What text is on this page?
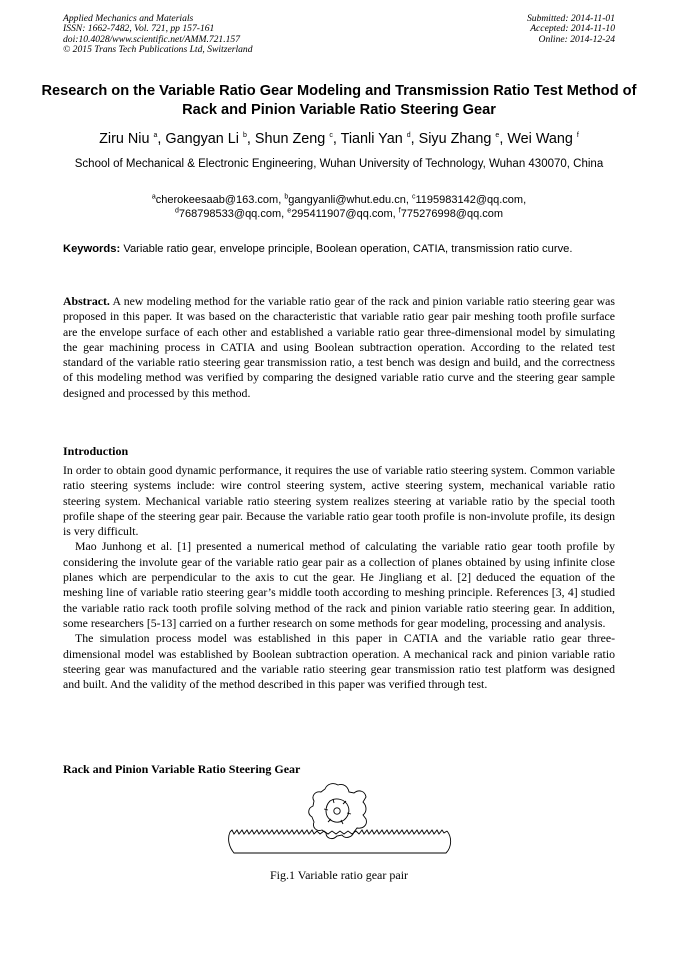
Applied Mechanics and Materials
ISSN: 1662-7482, Vol. 721, pp 157-161
doi:10.4028/www.scientific.net/AMM.721.157
© 2015 Trans Tech Publications Ltd, Switzerland
Submitted: 2014-11-01
Accepted: 2014-11-10
Online: 2014-12-24
Research on the Variable Ratio Gear Modeling and Transmission Ratio Test Method of Rack and Pinion Variable Ratio Steering Gear
Ziru Niu $^a$, Gangyan Li $^b$, Shun Zeng $^c$, Tianli Yan $^d$, Siyu Zhang $^e$, Wei Wang $^f$
School of Mechanical & Electronic Engineering, Wuhan University of Technology, Wuhan 430070, China
$^a$cherokeesaab@163.com, $^b$gangyanli@whut.edu.cn, $^c$1195983142@qq.com,
$^d$768798533@qq.com, $^e$295411907@qq.com, $^f$775276998@qq.com
Keywords: Variable ratio gear, envelope principle, Boolean operation, CATIA, transmission ratio curve.
Abstract. A new modeling method for the variable ratio gear of the rack and pinion variable ratio steering gear was proposed in this paper. It was based on the characteristic that variable ratio gear pair meshing tooth profile surface are the envelope surface of each other and established a variable ratio gear three-dimensional model by simulating the gear machining process in CATIA and using Boolean subtraction operation. According to the related test standard of the variable ratio steering gear transmission ratio, a test bench was design and build, and the correctness of this modeling method was verified by comparing the designed variable ratio curve and the steering gear sample designed and processed by this method.
Introduction

In order to obtain good dynamic performance, it requires the use of variable ratio steering system. Common variable ratio steering systems include: wire control steering system, active steering system, mechanical variable ratio steering system. Mechanical variable ratio steering system realizes steering at variable ratio by the special tooth profile shape of the steering gear pair. Because the variable ratio gear tooth profile is non-involute profile, its design is very difficult.

Mao Junhong et al. [1] presented a numerical method of calculating the variable ratio gear tooth profile by considering the involute gear of the variable ratio gear pair as a collection of planes obtained by using infinite close planes which are perpendicular to the axis to cut the gear. He Jingliang et al. [2] deduced the equation of the meshing line of variable ratio steering gear’s middle tooth according to meshing principle. References [3, 4] studied the variable ratio rack tooth profile solving method of the rack and pinion variable ratio steering gear. In addition, some researchers [5-13] carried on a further research on some methods for gear modeling, processing and analysis.

The simulation process model was established in this paper in CATIA and the variable ratio gear three-dimensional model was established by Boolean subtraction operation. A mechanical rack and pinion variable ratio steering gear was manufactured and the variable ratio steering gear transmission ratio test platform was designed and built. And the validity of the method described in this paper was verified through test.

Rack and Pinion Variable Ratio Steering Gear
Fig.1 Variable ratio gear pair
